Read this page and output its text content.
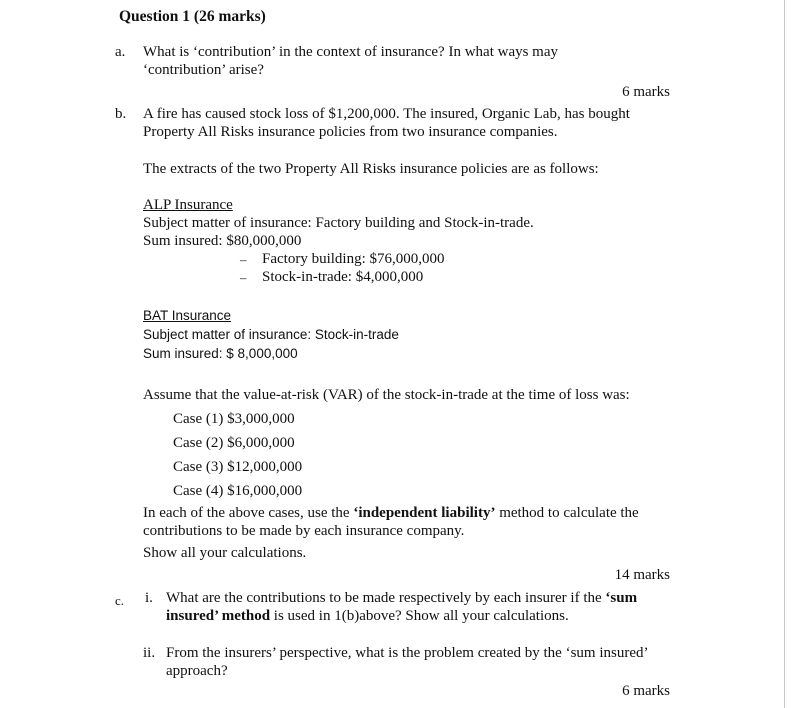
Question 1 (26 marks)
a. What is ‘contribution’ in the context of insurance? In what ways may
‘contribution’ arise?
6 marks
b. A fire has caused stock loss of $1,200,000. The insured, Organic Lab, has bought
Property All Risks insurance policies from two insurance companies.
The extracts of the two Property All Risks insurance policies are as follows:
ALP Insurance
Subject matter of insurance: Factory building and Stock-in-trade.
Sum insured: $80,000,000
– Factory building: $76,000,000
– Stock-in-trade: $4,000,000
BAT Insurance
Subject matter of insurance: Stock-in-trade
Sum insured: $ 8,000,000
Assume that the value-at-risk (VAR) of the stock-in-trade at the time of loss was:
Case (1) $3,000,000
Case (2) $6,000,000
Case (3) $12,000,000
Case (4) $16,000,000
In each of the above cases, use the ‘independent liability’ method to calculate the
contributions to be made by each insurance company.
Show all your calculations.
14 marks
c. i. What are the contributions to be made respectively by each insurer if the ‘sum
insured’ method is used in 1(b)above? Show all your calculations.
ii. From the insurers’ perspective, what is the problem created by the ‘sum insured’
approach?
6 marks
